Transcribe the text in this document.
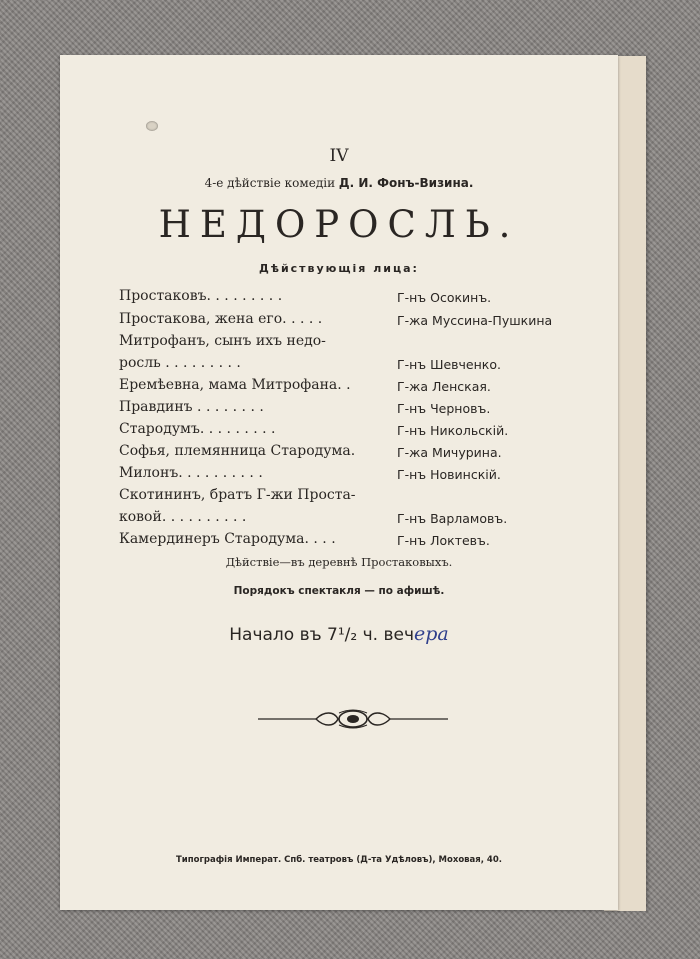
IV
4-е дѣйствіе комедіи Д. И. Фонъ-Визина.
НЕДОРОСЛЬ.
Дѣйствующія лица:
Простаковъ. . . . . . . . .	Г-нъ Осокинъ.
Простакова, жена его. . . . .	Г-жа Муссина-Пушкина
Митрофанъ, сынъ ихъ недо-
росль . . . . . . . . .	Г-нъ Шевченко.
Еремѣевна, мама Митрофана. .	Г-жа Ленская.
Правдинъ . . . . . . . .	Г-нъ Черновъ.
Стародумъ. . . . . . . . .	Г-нъ Никольскій.
Софья, племянница Стародума.	Г-жа Мичурина.
Милонъ. . . . . . . . . .	Г-нъ Новинскій.
Скотининъ, братъ Г-жи Проста-
ковой. . . . . . . . . .	Г-нъ Варламовъ.
Камердинеръ Стародума. . . .	Г-нъ Локтевъ.
Дѣйствіе—въ деревнѣ Простаковыхъ.
Порядокъ спектакля — по афишѣ.
Начало въ 7¹/₂ ч. вечера
Типографія Императ. Спб. театровъ (Д-та Удѣловъ), Моховая, 40.
